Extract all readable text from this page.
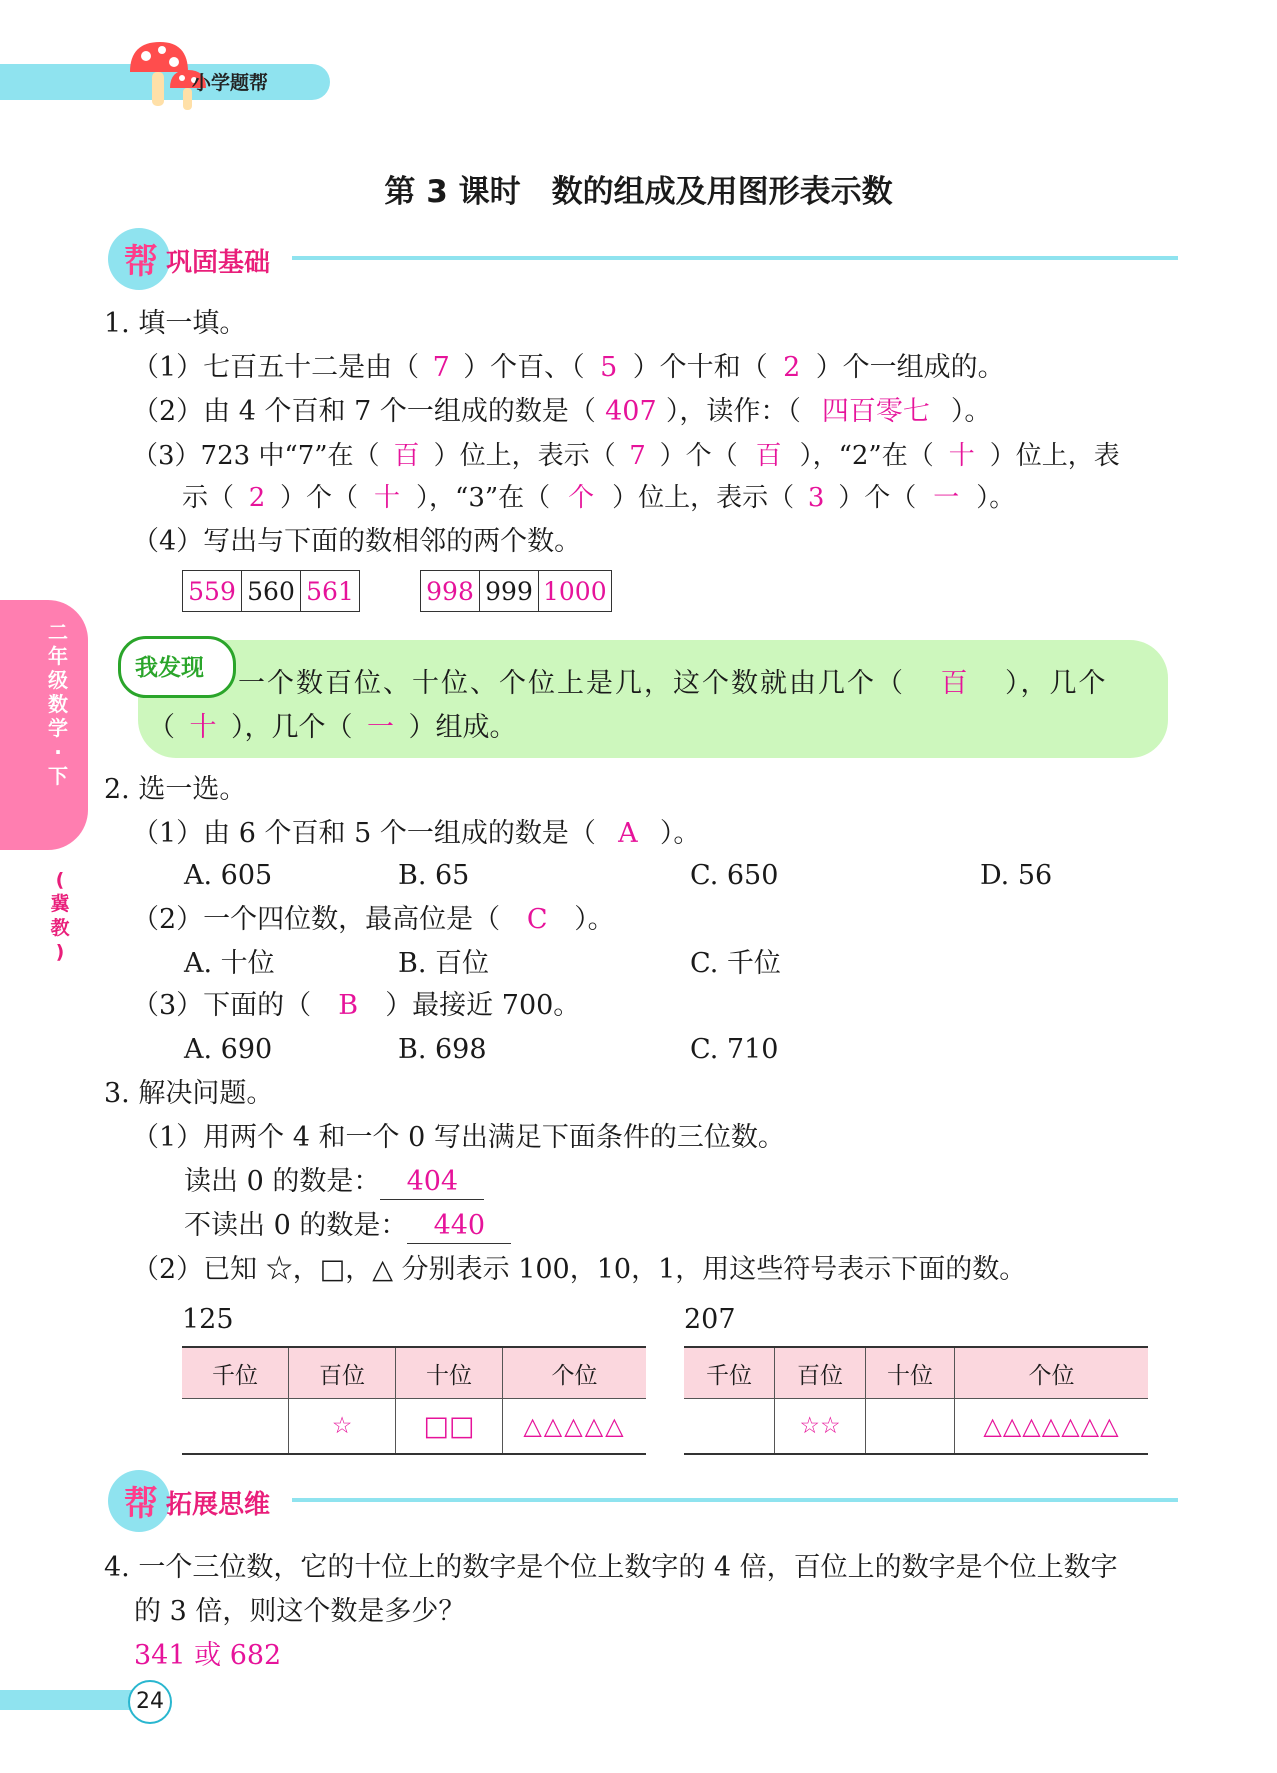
小学题帮
第 3 课时　数的组成及用图形表示数
帮 巩固基础
二
年
级
数
学
·
下
(
冀
教
)
1. 填一填。
（1）七百五十二是由（ 7 ）个百、（ 5 ）个十和（ 2 ）个一组成的。
（2）由 4 个百和 7 个一组成的数是（ 407 ），读作：（ 四百零七 ）。
（3）723 中“7”在（ 百 ）位上，表示（ 7 ）个（ 百 ），“2”在（ 十 ）位上，表
示（ 2 ）个（ 十 ），“3”在（ 个 ）位上，表示（ 3 ）个（ 一 ）。
（4）写出与下面的数相邻的两个数。
559	560	561	998	999	1000
我发现 一个数百位、十位、个位上是几，这个数就由几个（ 百 ），几个
（ 十 ），几个（ 一 ）组成。
2. 选一选。
（1）由 6 个百和 5 个一组成的数是（ A ）。
A. 605	B. 65	C. 650	D. 56
（2）一个四位数，最高位是（ C ）。
A. 十位	B. 百位	C. 千位
（3）下面的（ B ）最接近 700。
A. 690	B. 698	C. 710
3. 解决问题。
（1）用两个 4 和一个 0 写出满足下面条件的三位数。
读出 0 的数是： 404
不读出 0 的数是： 440
（2）已知 ☆，□，△ 分别表示 100，10，1，用这些符号表示下面的数。
125
千位	百位	十位	个位
	☆	□□	△△△△△
207
千位	百位	十位	个位
	☆☆		△△△△△△△
帮 拓展思维
4. 一个三位数，它的十位上的数字是个位上数字的 4 倍，百位上的数字是个位上数字
的 3 倍，则这个数是多少？
341 或 682
24
